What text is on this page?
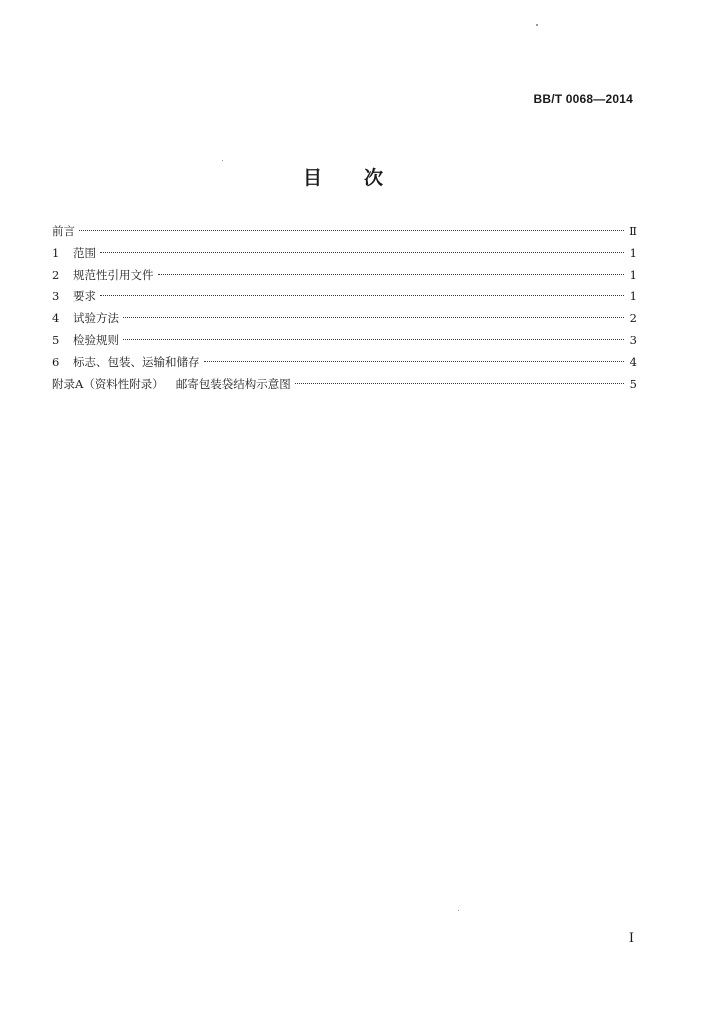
BB/T 0068—2014
目次
前言	Ⅱ
1	范围	1
2	规范性引用文件	1
3	要求	1
4	试验方法	2
5	检验规则	3
6	标志、包装、运输和储存	4
附录A（资料性附录） 邮寄包装袋结构示意图	5
I
